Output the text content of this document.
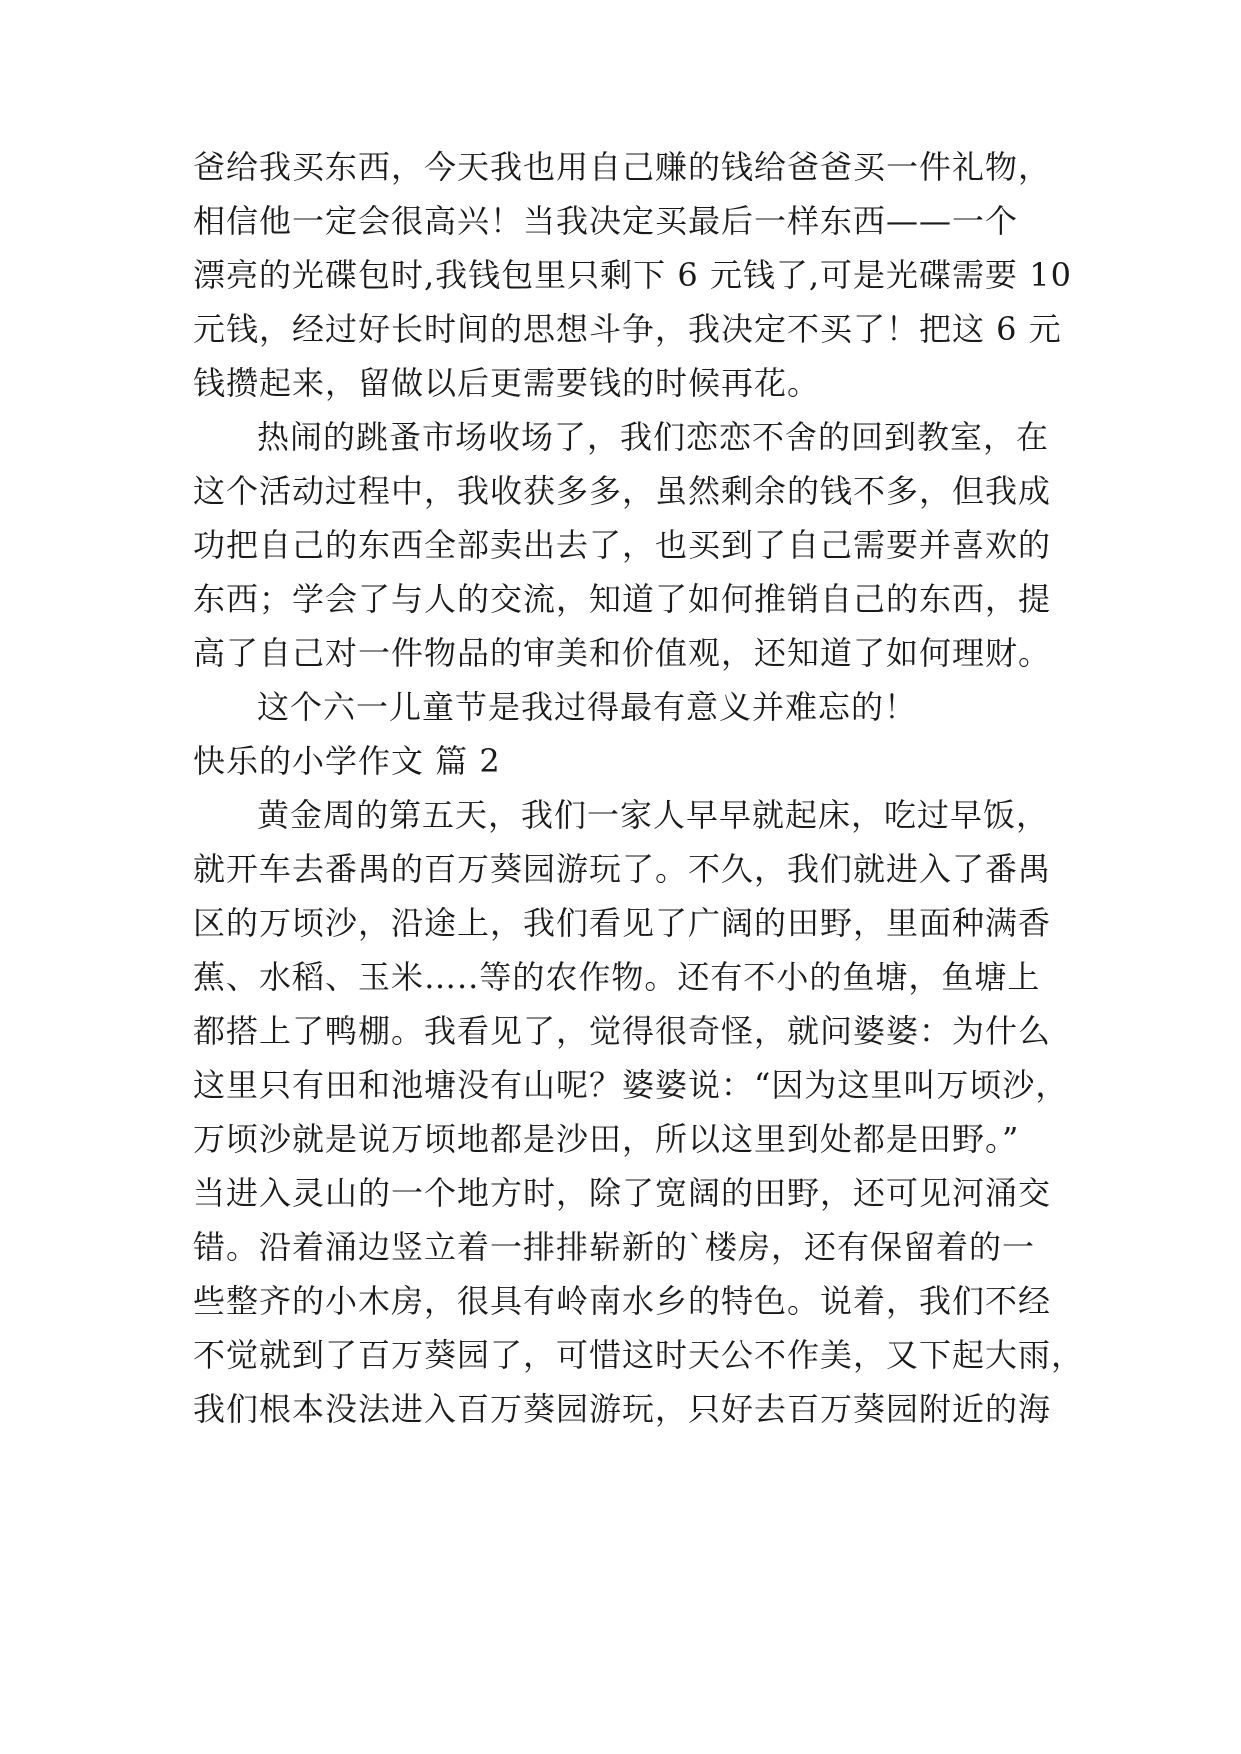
爸给我买东西，今天我也用自己赚的钱给爸爸买一件礼物，
相信他一定会很高兴！当我决定买最后一样东西——一个
漂亮的光碟包时,我钱包里只剩下 6 元钱了,可是光碟需要 10
元钱，经过好长时间的思想斗争，我决定不买了！把这 6 元
钱攒起来，留做以后更需要钱的时候再花。
热闹的跳蚤市场收场了，我们恋恋不舍的回到教室，在
这个活动过程中，我收获多多，虽然剩余的钱不多，但我成
功把自己的东西全部卖出去了，也买到了自己需要并喜欢的
东西；学会了与人的交流，知道了如何推销自己的东西，提
高了自己对一件物品的审美和价值观，还知道了如何理财。
这个六一儿童节是我过得最有意义并难忘的！
快乐的小学作文 篇 2
黄金周的第五天，我们一家人早早就起床，吃过早饭，
就开车去番禺的百万葵园游玩了。不久，我们就进入了番禺
区的万顷沙，沿途上，我们看见了广阔的田野，里面种满香
蕉、水稻、玉米…..等的农作物。还有不小的鱼塘，鱼塘上
都搭上了鸭棚。我看见了，觉得很奇怪，就问婆婆：为什么
这里只有田和池塘没有山呢？婆婆说：“因为这里叫万顷沙，
万顷沙就是说万顷地都是沙田，所以这里到处都是田野。”
当进入灵山的一个地方时，除了宽阔的田野，还可见河涌交
错。沿着涌边竖立着一排排崭新的`楼房，还有保留着的一
些整齐的小木房，很具有岭南水乡的特色。说着，我们不经
不觉就到了百万葵园了，可惜这时天公不作美，又下起大雨，
我们根本没法进入百万葵园游玩，只好去百万葵园附近的海
